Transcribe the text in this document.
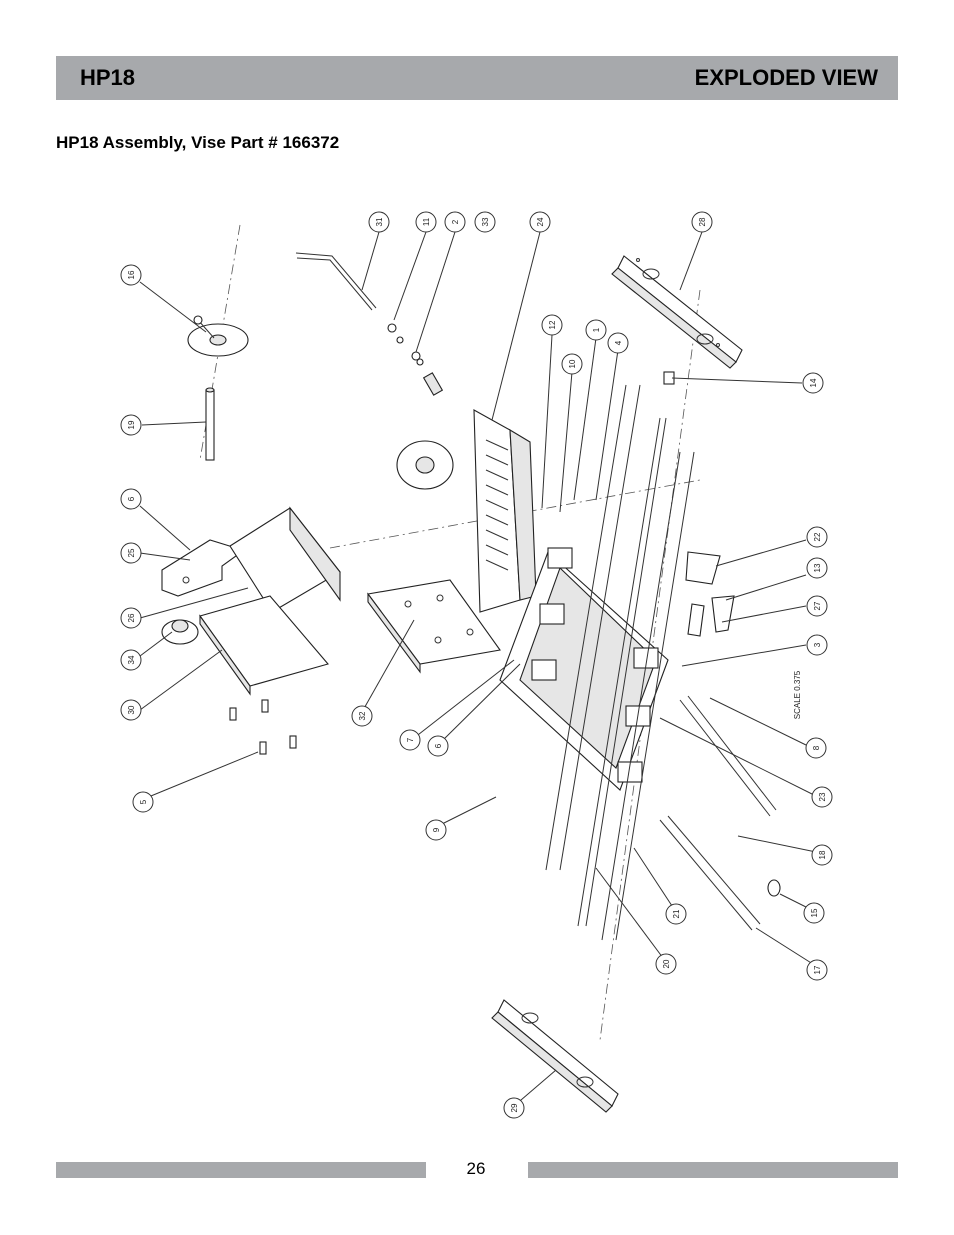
HP18	EXPLODED VIEW
HP18 Assembly, Vise Part # 166372
31	11	2	33	24	28
16
12
1
10
4
14
19
6
25
22
13
26
27
3
34
30
32
7
6	8
5
23
9
18
15
21
20
17
29
SCALE 0.375
26
